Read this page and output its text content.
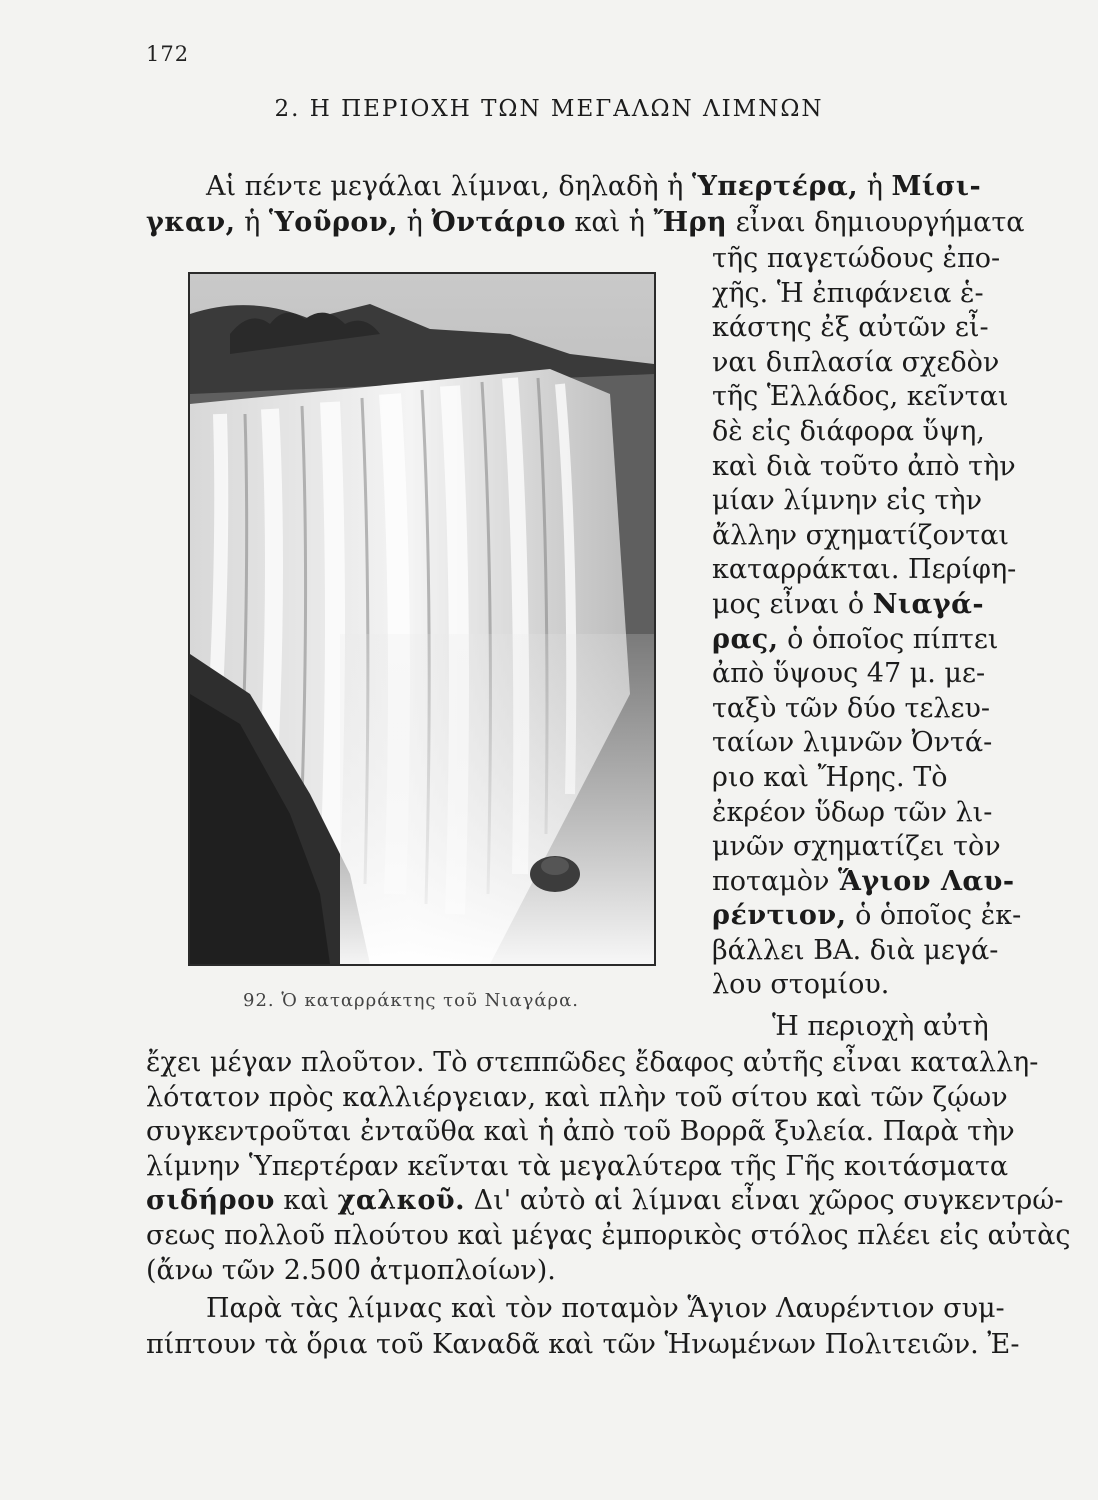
172
2. Η ΠΕΡΙΟΧΗ ΤΩΝ ΜΕΓΑΛΩΝ ΛΙΜΝΩΝ
Αἱ πέντε μεγάλαι λίμναι, δηλαδὴ ἡ Ὑπερτέρα, ἡ Μίσι-
γκαν, ἡ Ὑοῦρον, ἡ Ὀντάριο καὶ ἡ Ἤρη εἶναι δημιουργήματα
τῆς παγετώδους ἐπο-
χῆς. Ἡ ἐπιφάνεια ἑ-
κάστης ἐξ αὐτῶν εἶ-
ναι διπλασία σχεδὸν
τῆς Ἑλλάδος, κεῖνται
δὲ εἰς διάφορα ὕψη,
καὶ διὰ τοῦτο ἀπὸ τὴν
μίαν λίμνην εἰς τὴν
ἄλλην σχηματίζονται
καταρράκται. Περίφη-
μος εἶναι ὁ Νιαγά-
ρας, ὁ ὁποῖος πίπτει
ἀπὸ ὕψους 47 μ. με-
ταξὺ τῶν δύο τελευ-
ταίων λιμνῶν Ὀντά-
ριο καὶ Ἤρης. Τὸ
ἐκρέον ὕδωρ τῶν λι-
μνῶν σχηματίζει τὸν
ποταμὸν Ἅγιον Λαυ-
ρέντιον, ὁ ὁποῖος ἐκ-
βάλλει ΒΑ. διὰ μεγά-
λου στομίου.
92. Ὁ καταρράκτης τοῦ Νιαγάρα.
Ἡ περιοχὴ αὐτὴ
ἔχει μέγαν πλοῦτον. Τὸ στεππῶδες ἔδαφος αὐτῆς εἶναι καταλλη-
λότατον πρὸς καλλιέργειαν, καὶ πλὴν τοῦ σίτου καὶ τῶν ζῴων
συγκεντροῦται ἐνταῦθα καὶ ἡ ἀπὸ τοῦ Βορρᾶ ξυλεία. Παρὰ τὴν
λίμνην Ὑπερτέραν κεῖνται τὰ μεγαλύτερα τῆς Γῆς κοιτάσματα
σιδήρου καὶ χαλκοῦ. Δι' αὐτὸ αἱ λίμναι εἶναι χῶρος συγκεντρώ-
σεως πολλοῦ πλούτου καὶ μέγας ἐμπορικὸς στόλος πλέει εἰς αὐτὰς
(ἄνω τῶν 2.500 ἀτμοπλοίων).
Παρὰ τὰς λίμνας καὶ τὸν ποταμὸν Ἅγιον Λαυρέντιον συμ-
πίπτουν τὰ ὅρια τοῦ Καναδᾶ καὶ τῶν Ἡνωμένων Πολιτειῶν. Ἐ-
